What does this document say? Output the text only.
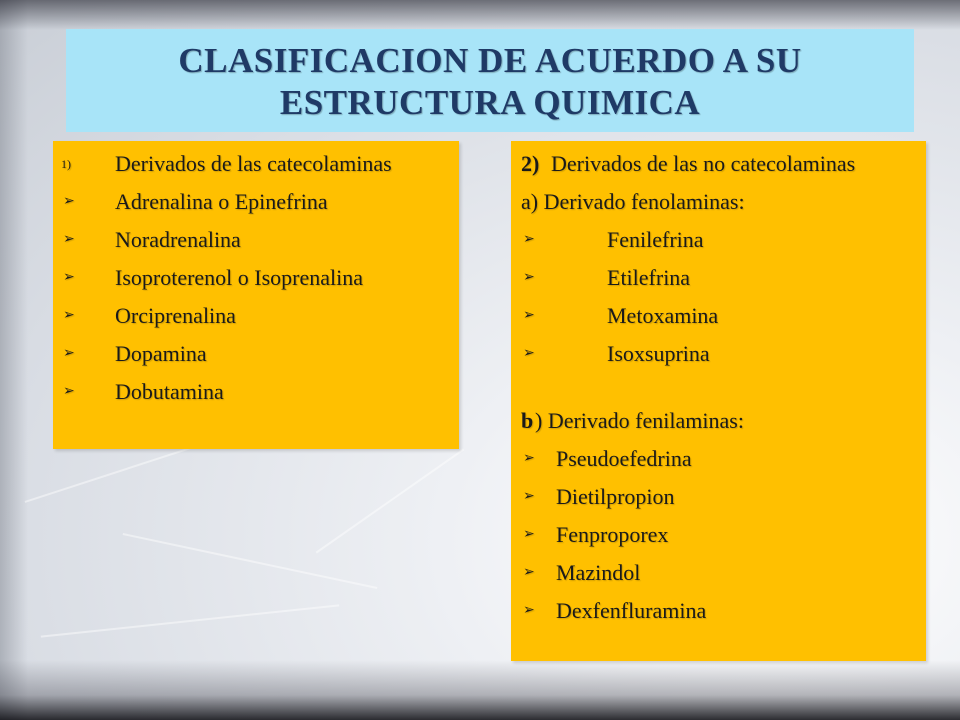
CLASIFICACION DE ACUERDO A SU
ESTRUCTURA QUIMICA
1) Derivados de las catecolaminas
➢ Adrenalina o Epinefrina
➢ Noradrenalina
➢ Isoproterenol o Isoprenalina
➢ Orciprenalina
➢ Dopamina
➢ Dobutamina
2) Derivados de las no catecolaminas
a) Derivado fenolaminas:
➢	Fenilefrina
➢	Etilefrina
➢	Metoxamina
➢	Isoxsuprina
b ) Derivado fenilaminas:
➢ Pseudoefedrina
➢ Dietilpropion
➢ Fenproporex
➢ Mazindol
➢ Dexfenfluramina
